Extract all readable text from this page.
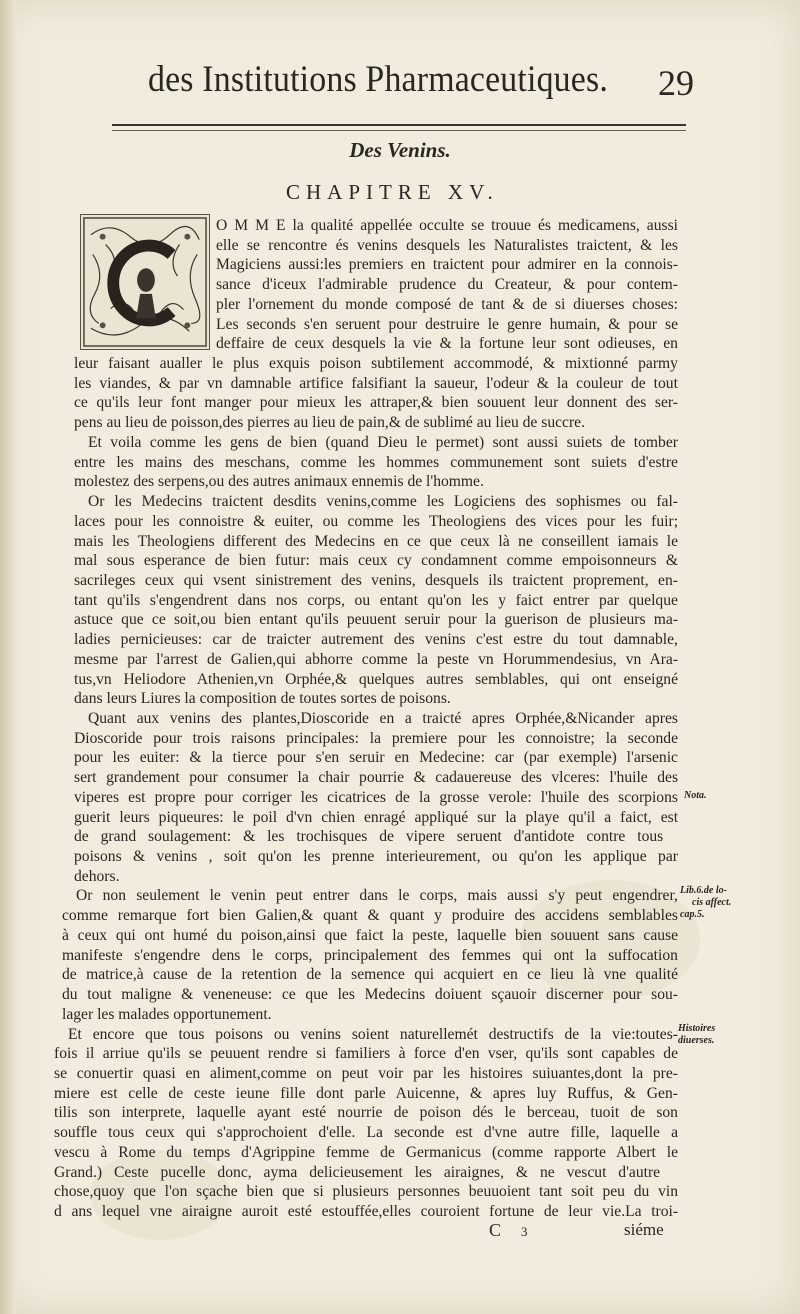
des Institutions Pharmaceutiques. 29
Des Venins.
CHAPITRE XV.
O M M E la qualité appellée occulte se trouue és medicamens, aussi
elle se rencontre és venins desquels les Naturalistes traictent, & les
Magiciens aussi:les premiers en traictent pour admirer en la connois-
sance d'iceux l'admirable prudence du Createur, & pour contem-
pler l'ornement du monde composé de tant & de si diuerses choses:
Les seconds s'en seruent pour destruire le genre humain, & pour se
deffaire de ceux desquels la vie & la fortune leur sont odieuses, en
leur faisant aualler le plus exquis poison subtilement accommodé, & mixtionné parmy
les viandes, & par vn damnable artifice falsifiant la saueur, l'odeur & la couleur de tout
ce qu'ils leur font manger pour mieux les attraper,& bien souuent leur donnent des ser-
pens au lieu de poisson,des pierres au lieu de pain,& de sublimé au lieu de succre.
Et voila comme les gens de bien (quand Dieu le permet) sont aussi suiets de tomber
entre les mains des meschans, comme les hommes communement sont suiets d'estre
molestez des serpens,ou des autres animaux ennemis de l'homme.
Or les Medecins traictent desdits venins,comme les Logiciens des sophismes ou fal-
laces pour les connoistre & euiter, ou comme les Theologiens des vices pour les fuir;
mais les Theologiens different des Medecins en ce que ceux là ne conseillent iamais le
mal sous esperance de bien futur: mais ceux cy condamnent comme empoisonneurs &
sacrileges ceux qui vsent sinistrement des venins, desquels ils traictent proprement, en-
tant qu'ils s'engendrent dans nos corps, ou entant qu'on les y faict entrer par quelque
astuce que ce soit,ou bien entant qu'ils peuuent seruir pour la guerison de plusieurs ma-
ladies pernicieuses: car de traicter autrement des venins c'est estre du tout damnable,
mesme par l'arrest de Galien,qui abhorre comme la peste vn Horummendesius, vn Ara-
tus,vn Heliodore Athenien,vn Orphée,& quelques autres semblables, qui ont enseigné
dans leurs Liures la composition de toutes sortes de poisons.
Quant aux venins des plantes,Dioscoride en a traicté apres Orphée,&Nicander apres
Dioscoride pour trois raisons principales: la premiere pour les connoistre; la seconde
pour les euiter: & la tierce pour s'en seruir en Medecine: car (par exemple) l'arsenic
sert grandement pour consumer la chair pourrie & cadauereuse des vlceres: l'huile des
viperes est propre pour corriger les cicatrices de la grosse verole: l'huile des scorpions
guerit leurs piqueures: le poil d'vn chien enragé appliqué sur la playe qu'il a faict, est
de grand soulagement: & les trochisques de vipere seruent d'antidote contre tous
poisons & venins , soit qu'on les prenne interieurement, ou qu'on les applique par
dehors.
Or non seulement le venin peut entrer dans le corps, mais aussi s'y peut engendrer,
comme remarque fort bien Galien,& quant & quant y produire des accidens semblables
à ceux qui ont humé du poison,ainsi que faict la peste, laquelle bien souuent sans cause
manifeste s'engendre dens le corps, principalement des femmes qui ont la suffocation
de matrice,à cause de la retention de la semence qui acquiert en ce lieu là vne qualité
du tout maligne & veneneuse: ce que les Medecins doiuent sçauoir discerner pour sou-
lager les malades opportunement.
Et encore que tous poisons ou venins soient naturellemét destructifs de la vie:toutes-
fois il arriue qu'ils se peuuent rendre si familiers à force d'en vser, qu'ils sont capables de
se conuertir quasi en aliment,comme on peut voir par les histoires suiuantes,dont la pre-
miere est celle de ceste ieune fille dont parle Auicenne, & apres luy Ruffus, & Gen-
tilis son interprete, laquelle ayant esté nourrie de poison dés le berceau, tuoit de son
souffle tous ceux qui s'approchoient d'elle. La seconde est d'vne autre fille, laquelle a
vescu à Rome du temps d'Agrippine femme de Germanicus (comme rapporte Albert le
Grand.) Ceste pucelle donc, ayma delicieusement les airaignes, & ne vescut d'autre
chose,quoy que l'on sçache bien que si plusieurs personnes beuuoient tant soit peu du vin
d ans lequel vne airaigne auroit esté estouffée,elles couroient fortune de leur vie.La troi-
Nota.
Lib.6.de lo-
cis affect.
cap.5.
Histoires
diuerses.
C 3	siéme
